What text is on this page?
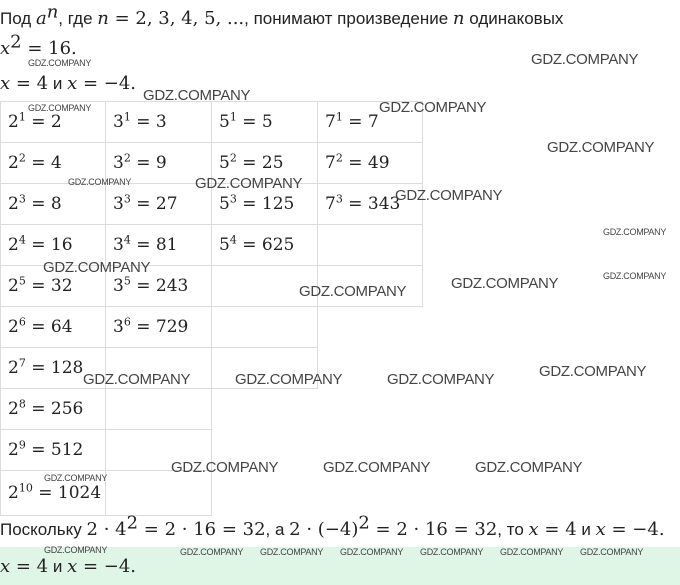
Под $a^n$, где n = 2, 3, 4, 5, ..., понимают произведение n одинаковых
$x^2 = 16$.
x = 4 и x = −4.
$2^1 = 2$	$3^1 = 3$	$5^1 = 5$	$7^1 = 7$
$2^2 = 4$	$3^2 = 9$	$5^2 = 25$	$7^2 = 49$
$2^3 = 8$	$3^3 = 27$	$5^3 = 125$	$7^3 = 343$
$2^4 = 16$	$3^4 = 81$	$5^4 = 625$	
$2^5 = 32$	$3^5 = 243$		
$2^6 = 64$	$3^6 = 729$		
$2^7 = 128$			
$2^8 = 256$			
$2^9 = 512$			
$2^{10} = 1024$			
Поскольку $2 \cdot 4^2 = 2 \cdot 16 = 32$, а $2 \cdot (-4)^2 = 2 \cdot 16 = 32$, то x = 4 и x = −4.
x = 4 и x = −4.
GDZ.COMPANY	GDZ.COMPANY
GDZ.COMPANY
GDZ.COMPANY	GDZ.COMPANY
GDZ.COMPANY
GDZ.COMPANY	GDZ.COMPANY
GDZ.COMPANY
GDZ.COMPANY
GDZ.COMPANY	GDZ.COMPANY
GDZ.COMPANY
GDZ.COMPANY
GDZ.COMPANY
GDZ.COMPANY	GDZ.COMPANY	GDZ.COMPANY
GDZ.COMPANY	GDZ.COMPANY	GDZ.COMPANY
GDZ.COMPANY
GDZ.COMPANY	GDZ.COMPANY GDZ.COMPANY GDZ.COMPANY GDZ.COMPANY GDZ.COMPANY GDZ.COMPANY
